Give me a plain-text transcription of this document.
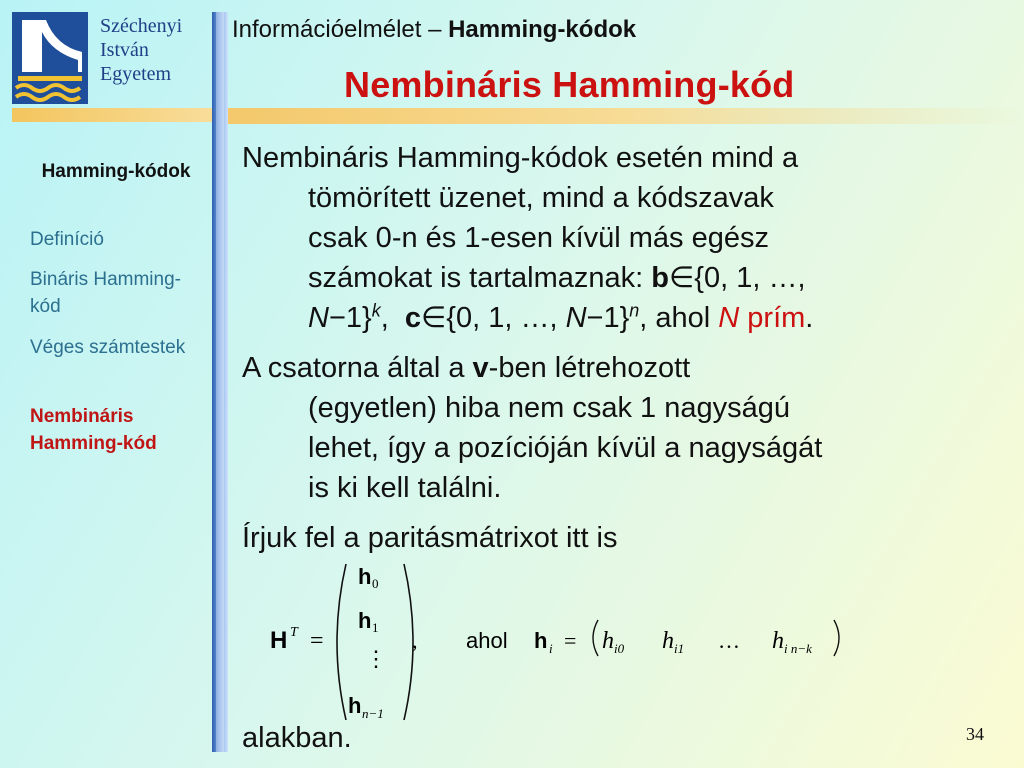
Széchenyi
István
Egyetem
Információelmélet – Hamming-kódok
Nembináris Hamming-kód
Hamming-kódok
Definíció
Bináris Hamming-kód
Véges számtestek
Nembináris Hamming-kód
Nembináris Hamming-kódok esetén mind a
tömörített üzenet, mind a kódszavak
csak 0-n és 1-esen kívül más egész
számokat is tartalmaznak: b∈{0, 1, …,
N−1}$^k$,  c∈{0, 1, …, N−1}$^n$, ahol N prím.
A csatorna által a v-ben létrehozott
(egyetlen) hiba nem csak 1 nagyságú
lehet, így a pozícióján kívül a nagyságát
is ki kell találni.
Írjuk fel a paritásmátrixot itt is
H T =
h 0
h 1
⋮
h n−1
, ahol h i = h i0 h i1 … h i n−k
alakban.	34
